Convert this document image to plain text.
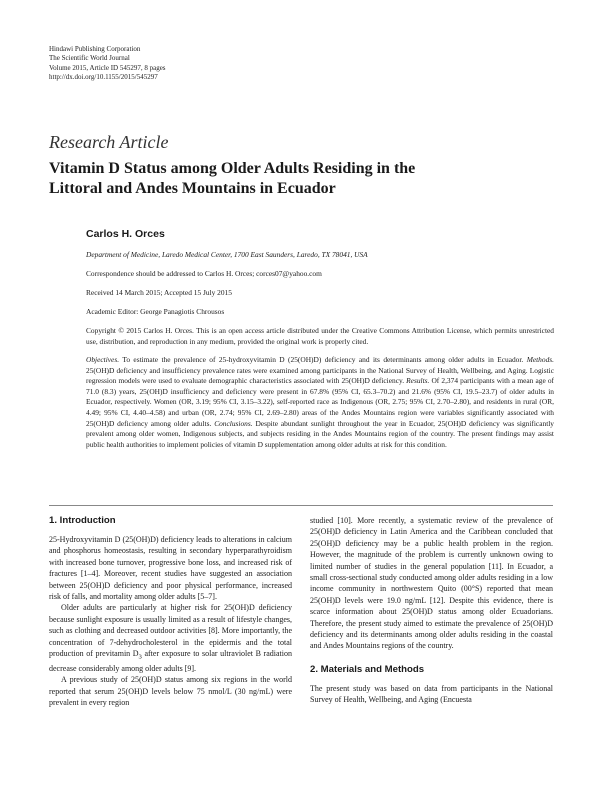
Hindawi Publishing Corporation
The Scientific World Journal
Volume 2015, Article ID 545297, 8 pages
http://dx.doi.org/10.1155/2015/545297
Research Article
Vitamin D Status among Older Adults Residing in the Littoral and Andes Mountains in Ecuador
Carlos H. Orces
Department of Medicine, Laredo Medical Center, 1700 East Saunders, Laredo, TX 78041, USA
Correspondence should be addressed to Carlos H. Orces; corces07@yahoo.com
Received 14 March 2015; Accepted 15 July 2015
Academic Editor: George Panagiotis Chrousos
Copyright © 2015 Carlos H. Orces. This is an open access article distributed under the Creative Commons Attribution License, which permits unrestricted use, distribution, and reproduction in any medium, provided the original work is properly cited.
Objectives. To estimate the prevalence of 25-hydroxyvitamin D (25(OH)D) deficiency and its determinants among older adults in Ecuador. Methods. 25(OH)D deficiency and insufficiency prevalence rates were examined among participants in the National Survey of Health, Wellbeing, and Aging. Logistic regression models were used to evaluate demographic characteristics associated with 25(OH)D deficiency. Results. Of 2,374 participants with a mean age of 71.0 (8.3) years, 25(OH)D insufficiency and deficiency were present in 67.8% (95% CI, 65.3–70.2) and 21.6% (95% CI, 19.5–23.7) of older adults in Ecuador, respectively. Women (OR, 3.19; 95% CI, 3.15–3.22), self-reported race as Indigenous (OR, 2.75; 95% CI, 2.70–2.80), and residents in rural (OR, 4.49; 95% CI, 4.40–4.58) and urban (OR, 2.74; 95% CI, 2.69–2.80) areas of the Andes Mountains region were variables significantly associated with 25(OH)D deficiency among older adults. Conclusions. Despite abundant sunlight throughout the year in Ecuador, 25(OH)D deficiency was significantly prevalent among older women, Indigenous subjects, and subjects residing in the Andes Mountains region of the country. The present findings may assist public health authorities to implement policies of vitamin D supplementation among older adults at risk for this condition.
1. Introduction

25-Hydroxyvitamin D (25(OH)D) deficiency leads to alterations in calcium and phosphorus homeostasis, resulting in secondary hyperparathyroidism with increased bone turnover, progressive bone loss, and increased risk of fractures [1–4]. Moreover, recent studies have suggested an association between 25(OH)D deficiency and poor physical performance, increased risk of falls, and mortality among older adults [5–7].

Older adults are particularly at higher risk for 25(OH)D deficiency because sunlight exposure is usually limited as a result of lifestyle changes, such as clothing and decreased outdoor activities [8]. More importantly, the concentration of 7-dehydrocholesterol in the epidermis and the total production of previtamin $D_3$ after exposure to solar ultraviolet B radiation decrease considerably among older adults [9].

A previous study of 25(OH)D status among six regions in the world reported that serum 25(OH)D levels below 75 nmol/L (30 ng/mL) were prevalent in every region

studied [10]. More recently, a systematic review of the prevalence of 25(OH)D deficiency in Latin America and the Caribbean concluded that 25(OH)D deficiency may be a public health problem in the region. However, the magnitude of the problem is currently unknown owing to limited number of studies in the general population [11]. In Ecuador, a small cross-sectional study conducted among older adults residing in a low income community in northwestern Quito (00°S) reported that mean 25(OH)D levels were 19.0 ng/mL [12]. Despite this evidence, there is scarce information about 25(OH)D status among older Ecuadorians. Therefore, the present study aimed to estimate the prevalence of 25(OH)D deficiency and its determinants among older adults residing in the coastal and Andes Mountains regions of the country.

2. Materials and Methods

The present study was based on data from participants in the National Survey of Health, Wellbeing, and Aging (Encuesta
